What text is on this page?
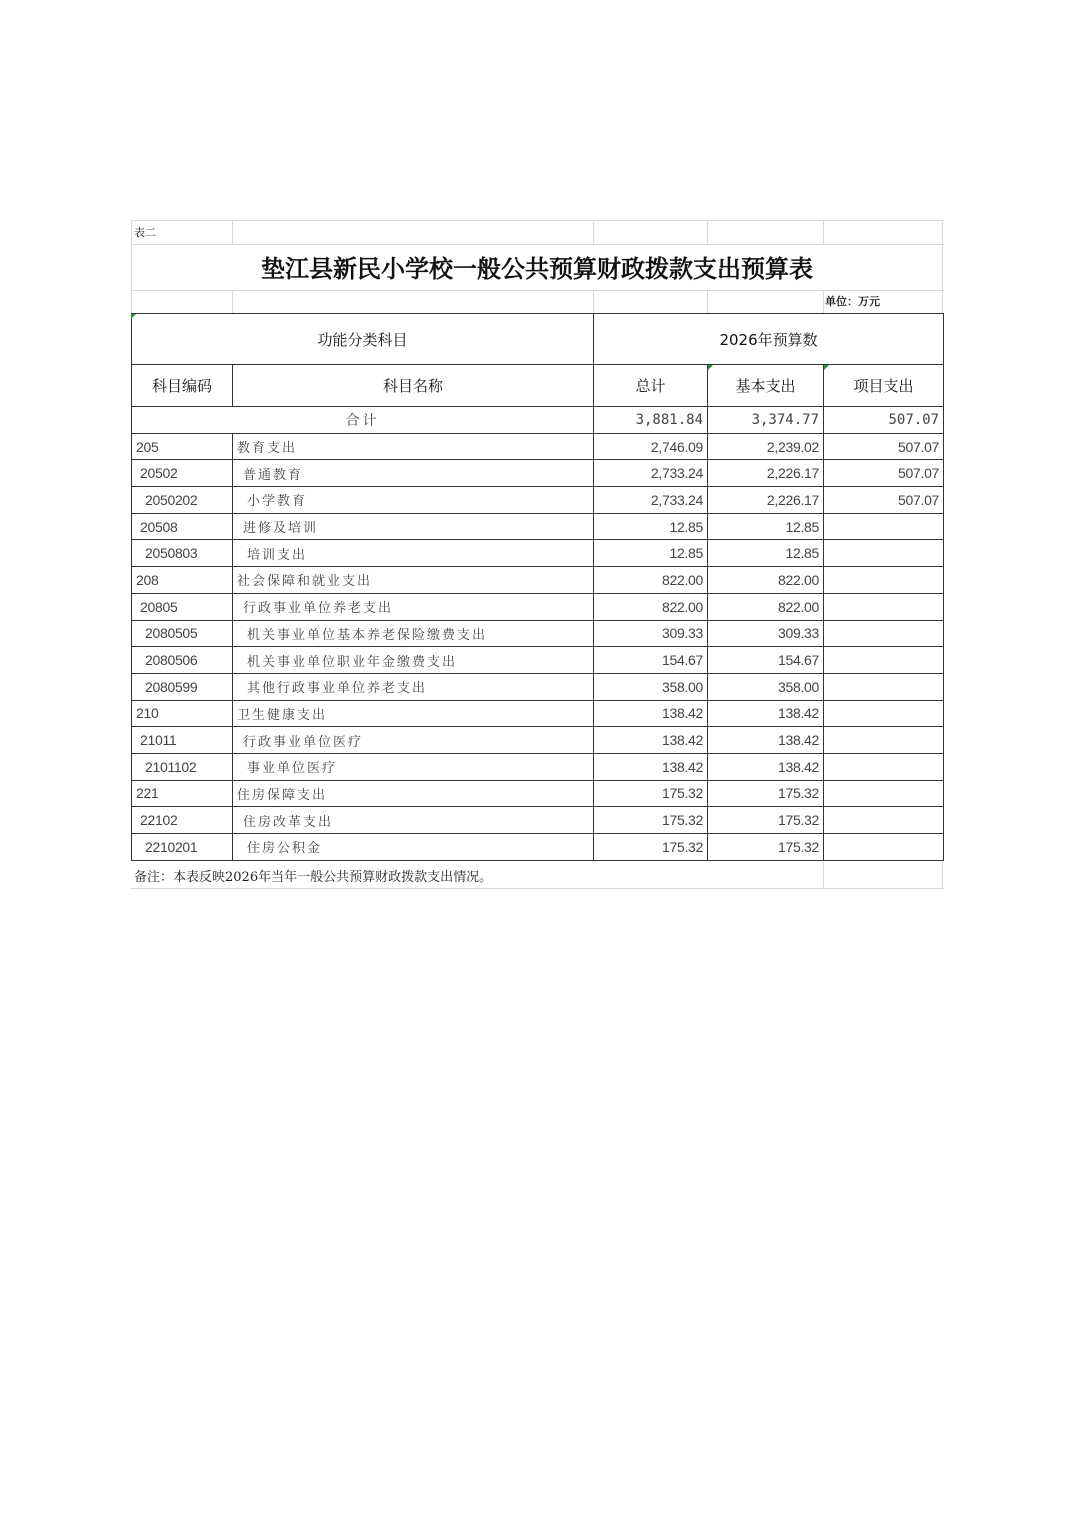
表二
垫江县新民小学校一般公共预算财政拨款支出预算表
单位：万元
功能分类科目		2026年预算数		
科目编码	科目名称	总计	基本支出	项目支出
合计		3,881.84	3,374.77	507.07
205	教育支出	2,746.09	2,239.02	507.07
20502	普通教育	2,733.24	2,226.17	507.07
2050202	小学教育	2,733.24	2,226.17	507.07
20508	进修及培训	12.85	12.85	
2050803	培训支出	12.85	12.85	
208	社会保障和就业支出	822.00	822.00	
20805	行政事业单位养老支出	822.00	822.00	
2080505	机关事业单位基本养老保险缴费支出	309.33	309.33	
2080506	机关事业单位职业年金缴费支出	154.67	154.67	
2080599	其他行政事业单位养老支出	358.00	358.00	
210	卫生健康支出	138.42	138.42	
21011	行政事业单位医疗	138.42	138.42	
2101102	事业单位医疗	138.42	138.42	
221	住房保障支出	175.32	175.32	
22102	住房改革支出	175.32	175.32	
2210201	住房公积金	175.32	175.32	
备注：本表反映2026年当年一般公共预算财政拨款支出情况。
